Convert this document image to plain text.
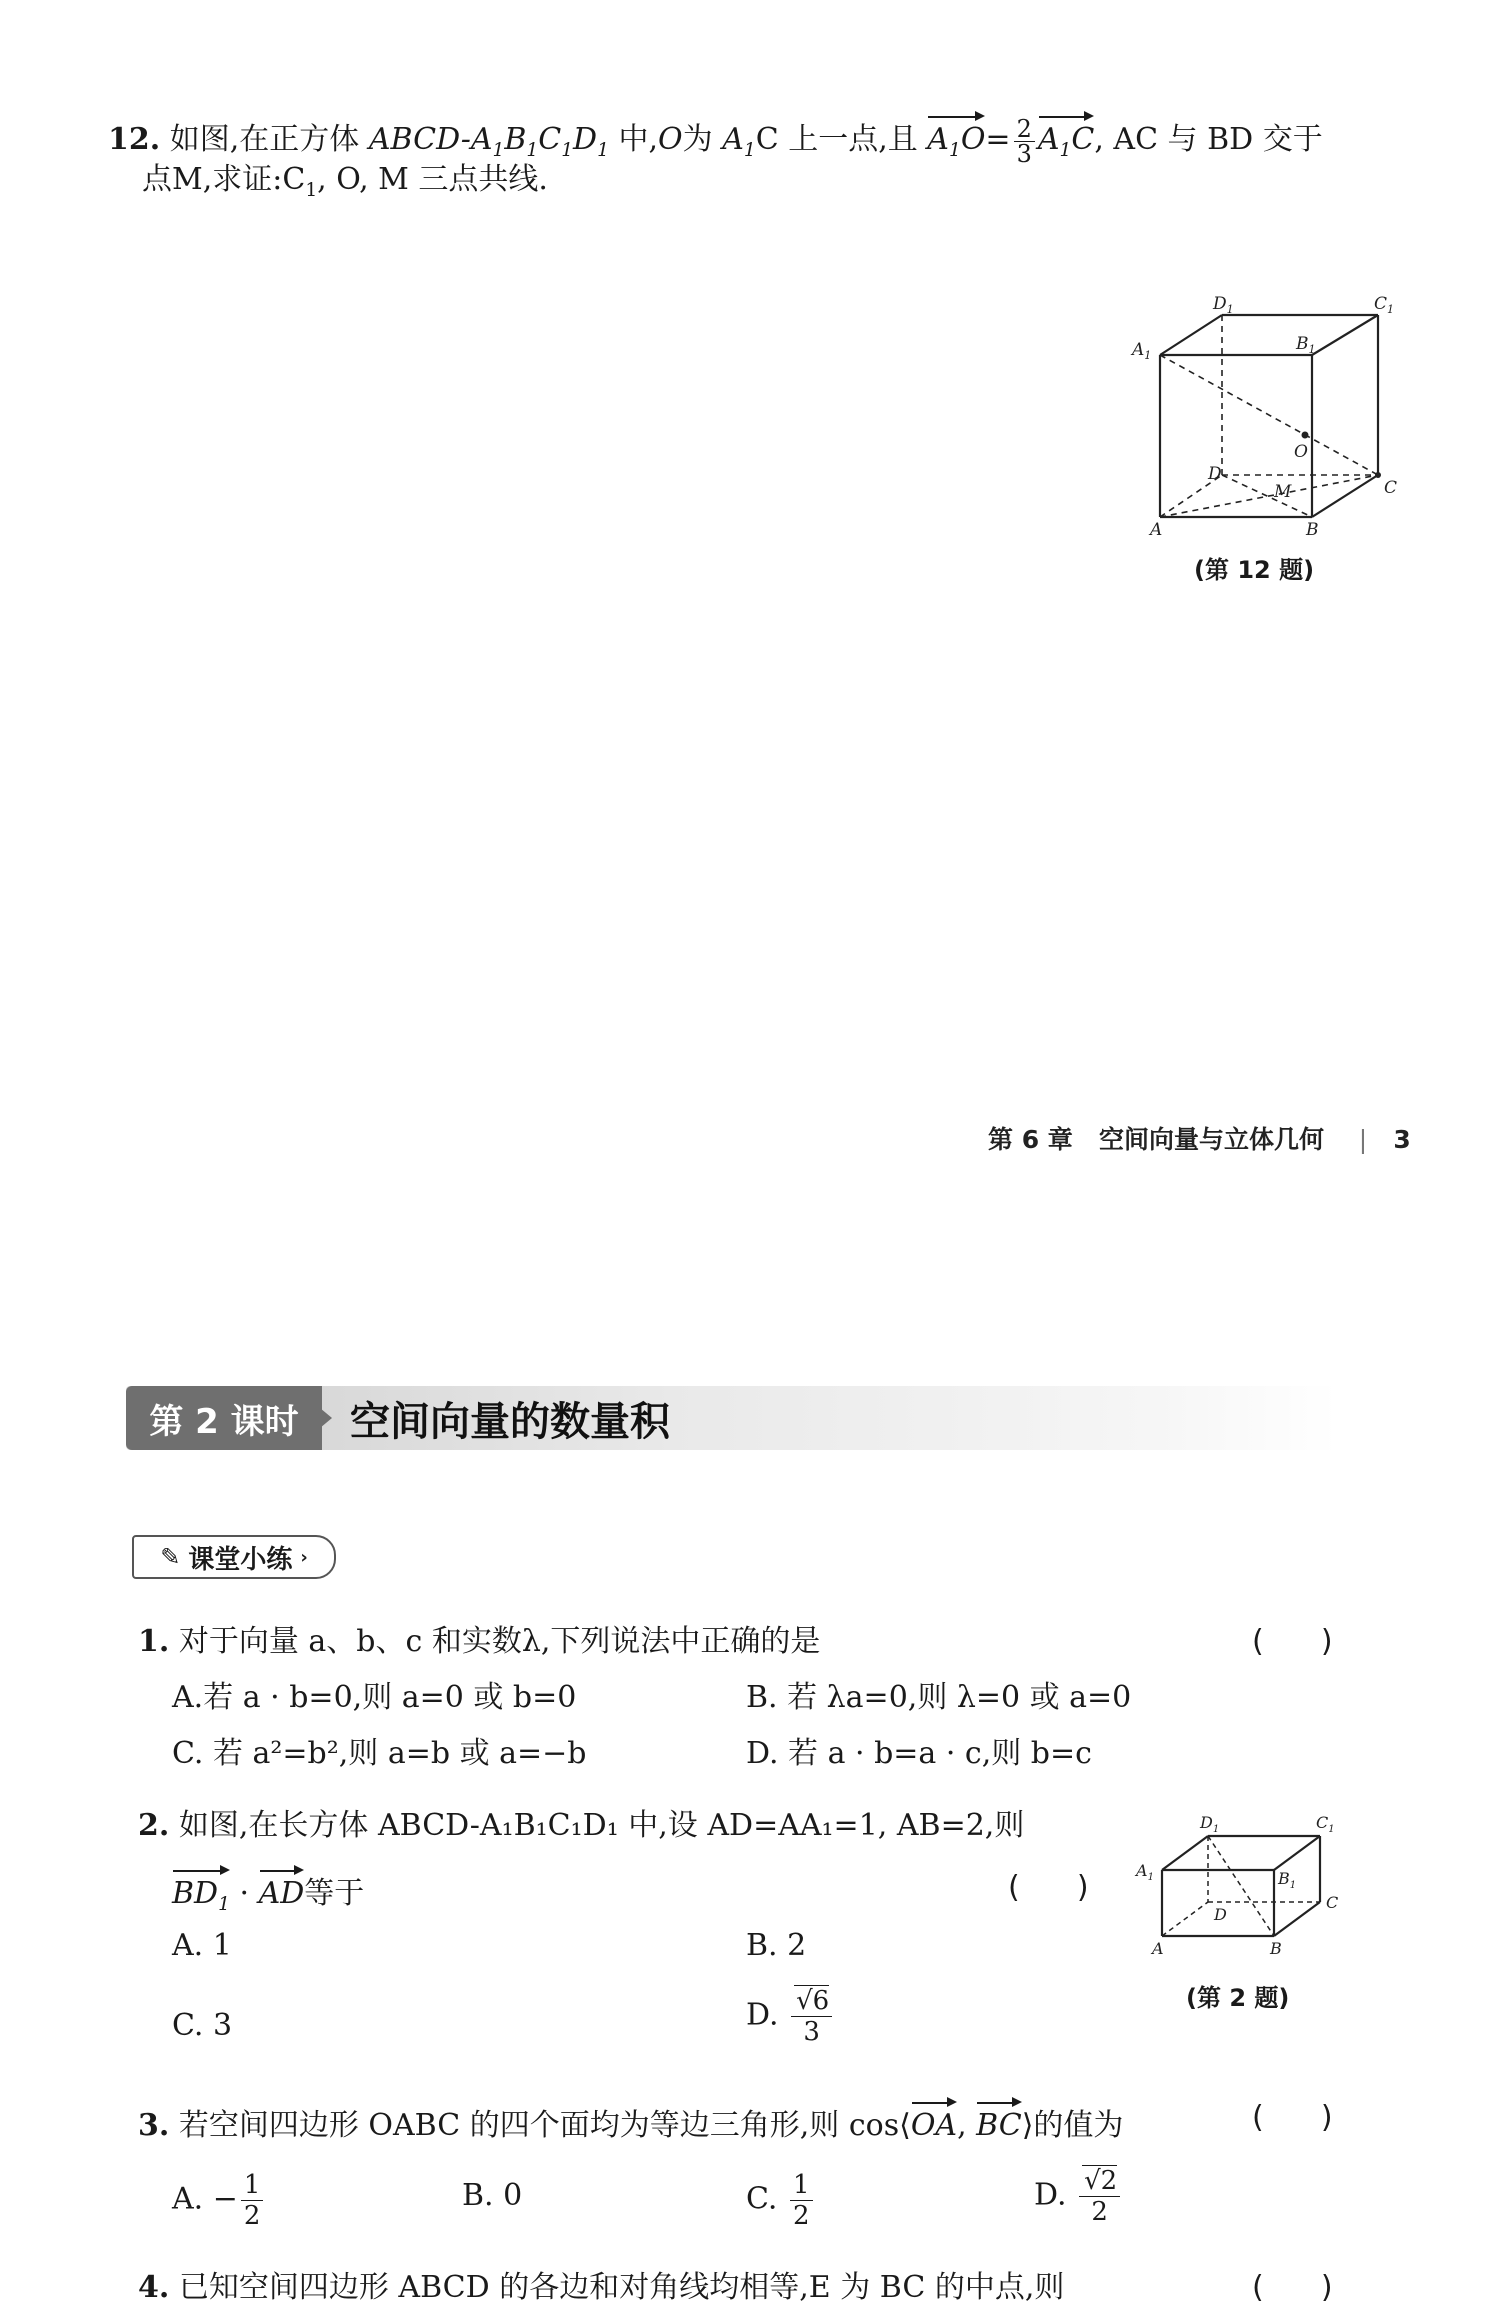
12. 如图,在正方体 ABCD-$A_1B_1C_1D_1$ 中,O为 $A_1C$ 上一点,且 $A_1O= \frac{2}{3} A_1C$, AC 与 BD 交于
点M,求证$:C_1$, O, M 三点共线.
$D_1$	$C_1$
$A_1$
$B_1$
O
D
M	C
A	B
(第 12 题)
第 6 章 空间向量与立体几何 | 3
第 2 课时	空间向量的数量积
✎ 课堂小练 ›
1. 对于向量 a、b、c 和实数λ,下列说法中正确的是	(      )
A.若 a · b=0,则 a=0 或 b=0	B. 若 λa=0,则 λ=0 或 a=0
C. 若 a²=b²,则 a=b 或 a=−b	D. 若 a · b=a · c,则 b=c
2. 如图,在长方体 ABCD-A₁B₁C₁D₁ 中,设 AD=AA₁=1, AB=2,则
$BD_1$ · AD等于	(      )
A. 1	B. 2
C. 3	D. $\frac{√6}{3}$
$D_1$	$C_1$
$A_1$	$B_1$
D
C
A	B
(第 2 题)
3. 若空间四边形 OABC 的四个面均为等边三角形,则 cos⟨OA, BC⟩的值为	(      )
A. − $\frac{1}{2}$	B. 0	C. $\frac{1}{2}$	D. $\frac{√2}{2}$
4. 已知空间四边形 ABCD 的各边和对角线均相等,E 为 BC 的中点,则	(      )
